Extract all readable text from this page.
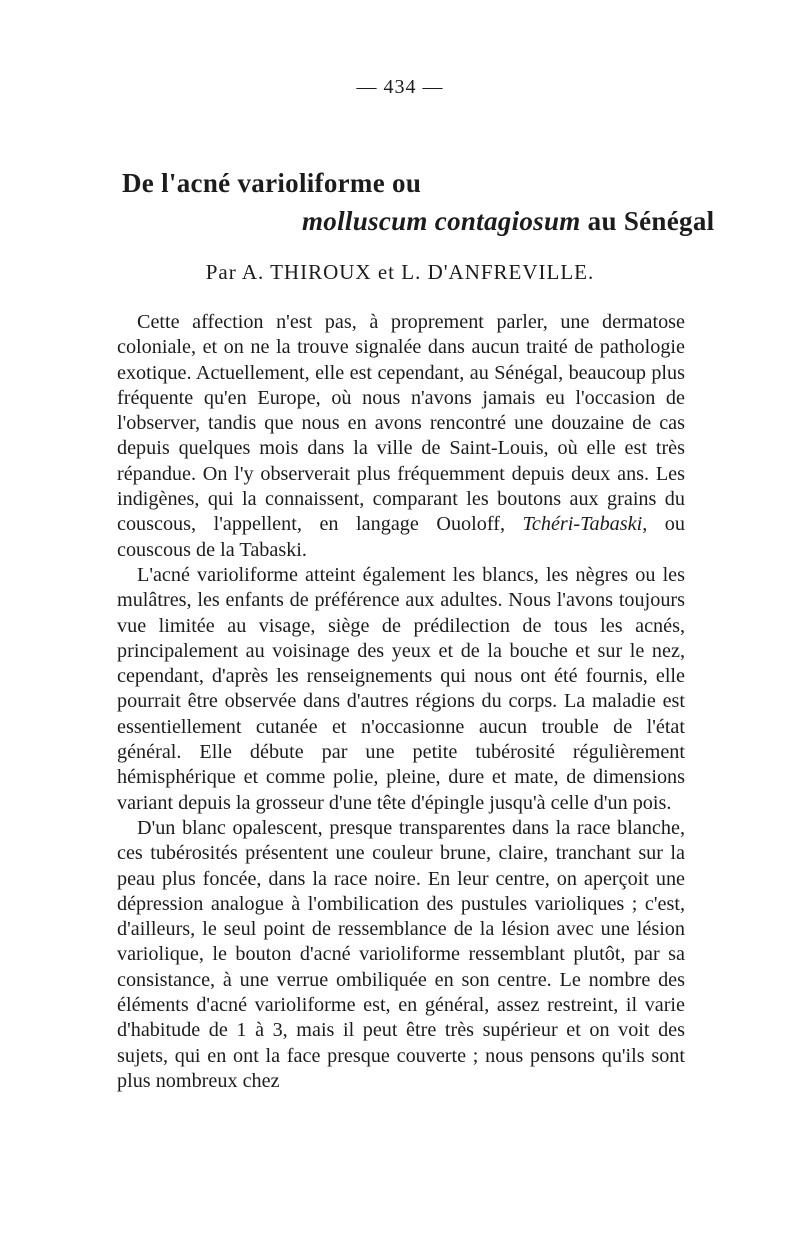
— 434 —
De l'acné varioliforme ou
molluscum contagiosum au Sénégal
Par A. THIROUX et L. D'ANFREVILLE.

Cette affection n'est pas, à proprement parler, une dermatose coloniale, et on ne la trouve signalée dans aucun traité de pathologie exotique. Actuellement, elle est cependant, au Sénégal, beaucoup plus fréquente qu'en Europe, où nous n'avons jamais eu l'occasion de l'observer, tandis que nous en avons rencontré une douzaine de cas depuis quelques mois dans la ville de Saint-Louis, où elle est très répandue. On l'y observerait plus fréquemment depuis deux ans. Les indigènes, qui la connaissent, comparant les boutons aux grains du couscous, l'appellent, en langage Ouoloff, Tchéri-Tabaski, ou couscous de la Tabaski.

L'acné varioliforme atteint également les blancs, les nègres ou les mulâtres, les enfants de préférence aux adultes. Nous l'avons toujours vue limitée au visage, siège de prédilection de tous les acnés, principalement au voisinage des yeux et de la bouche et sur le nez, cependant, d'après les renseignements qui nous ont été fournis, elle pourrait être observée dans d'autres régions du corps. La maladie est essentiellement cutanée et n'occasionne aucun trouble de l'état général. Elle débute par une petite tubérosité régulièrement hémisphérique et comme polie, pleine, dure et mate, de dimensions variant depuis la grosseur d'une tête d'épingle jusqu'à celle d'un pois.

D'un blanc opalescent, presque transparentes dans la race blanche, ces tubérosités présentent une couleur brune, claire, tranchant sur la peau plus foncée, dans la race noire. En leur centre, on aperçoit une dépression analogue à l'ombilication des pustules varioliques ; c'est, d'ailleurs, le seul point de ressemblance de la lésion avec une lésion variolique, le bouton d'acné varioliforme ressemblant plutôt, par sa consistance, à une verrue ombiliquée en son centre. Le nombre des éléments d'acné varioliforme est, en général, assez restreint, il varie d'habitude de 1 à 3, mais il peut être très supérieur et on voit des sujets, qui en ont la face presque couverte ; nous pensons qu'ils sont plus nombreux chez
